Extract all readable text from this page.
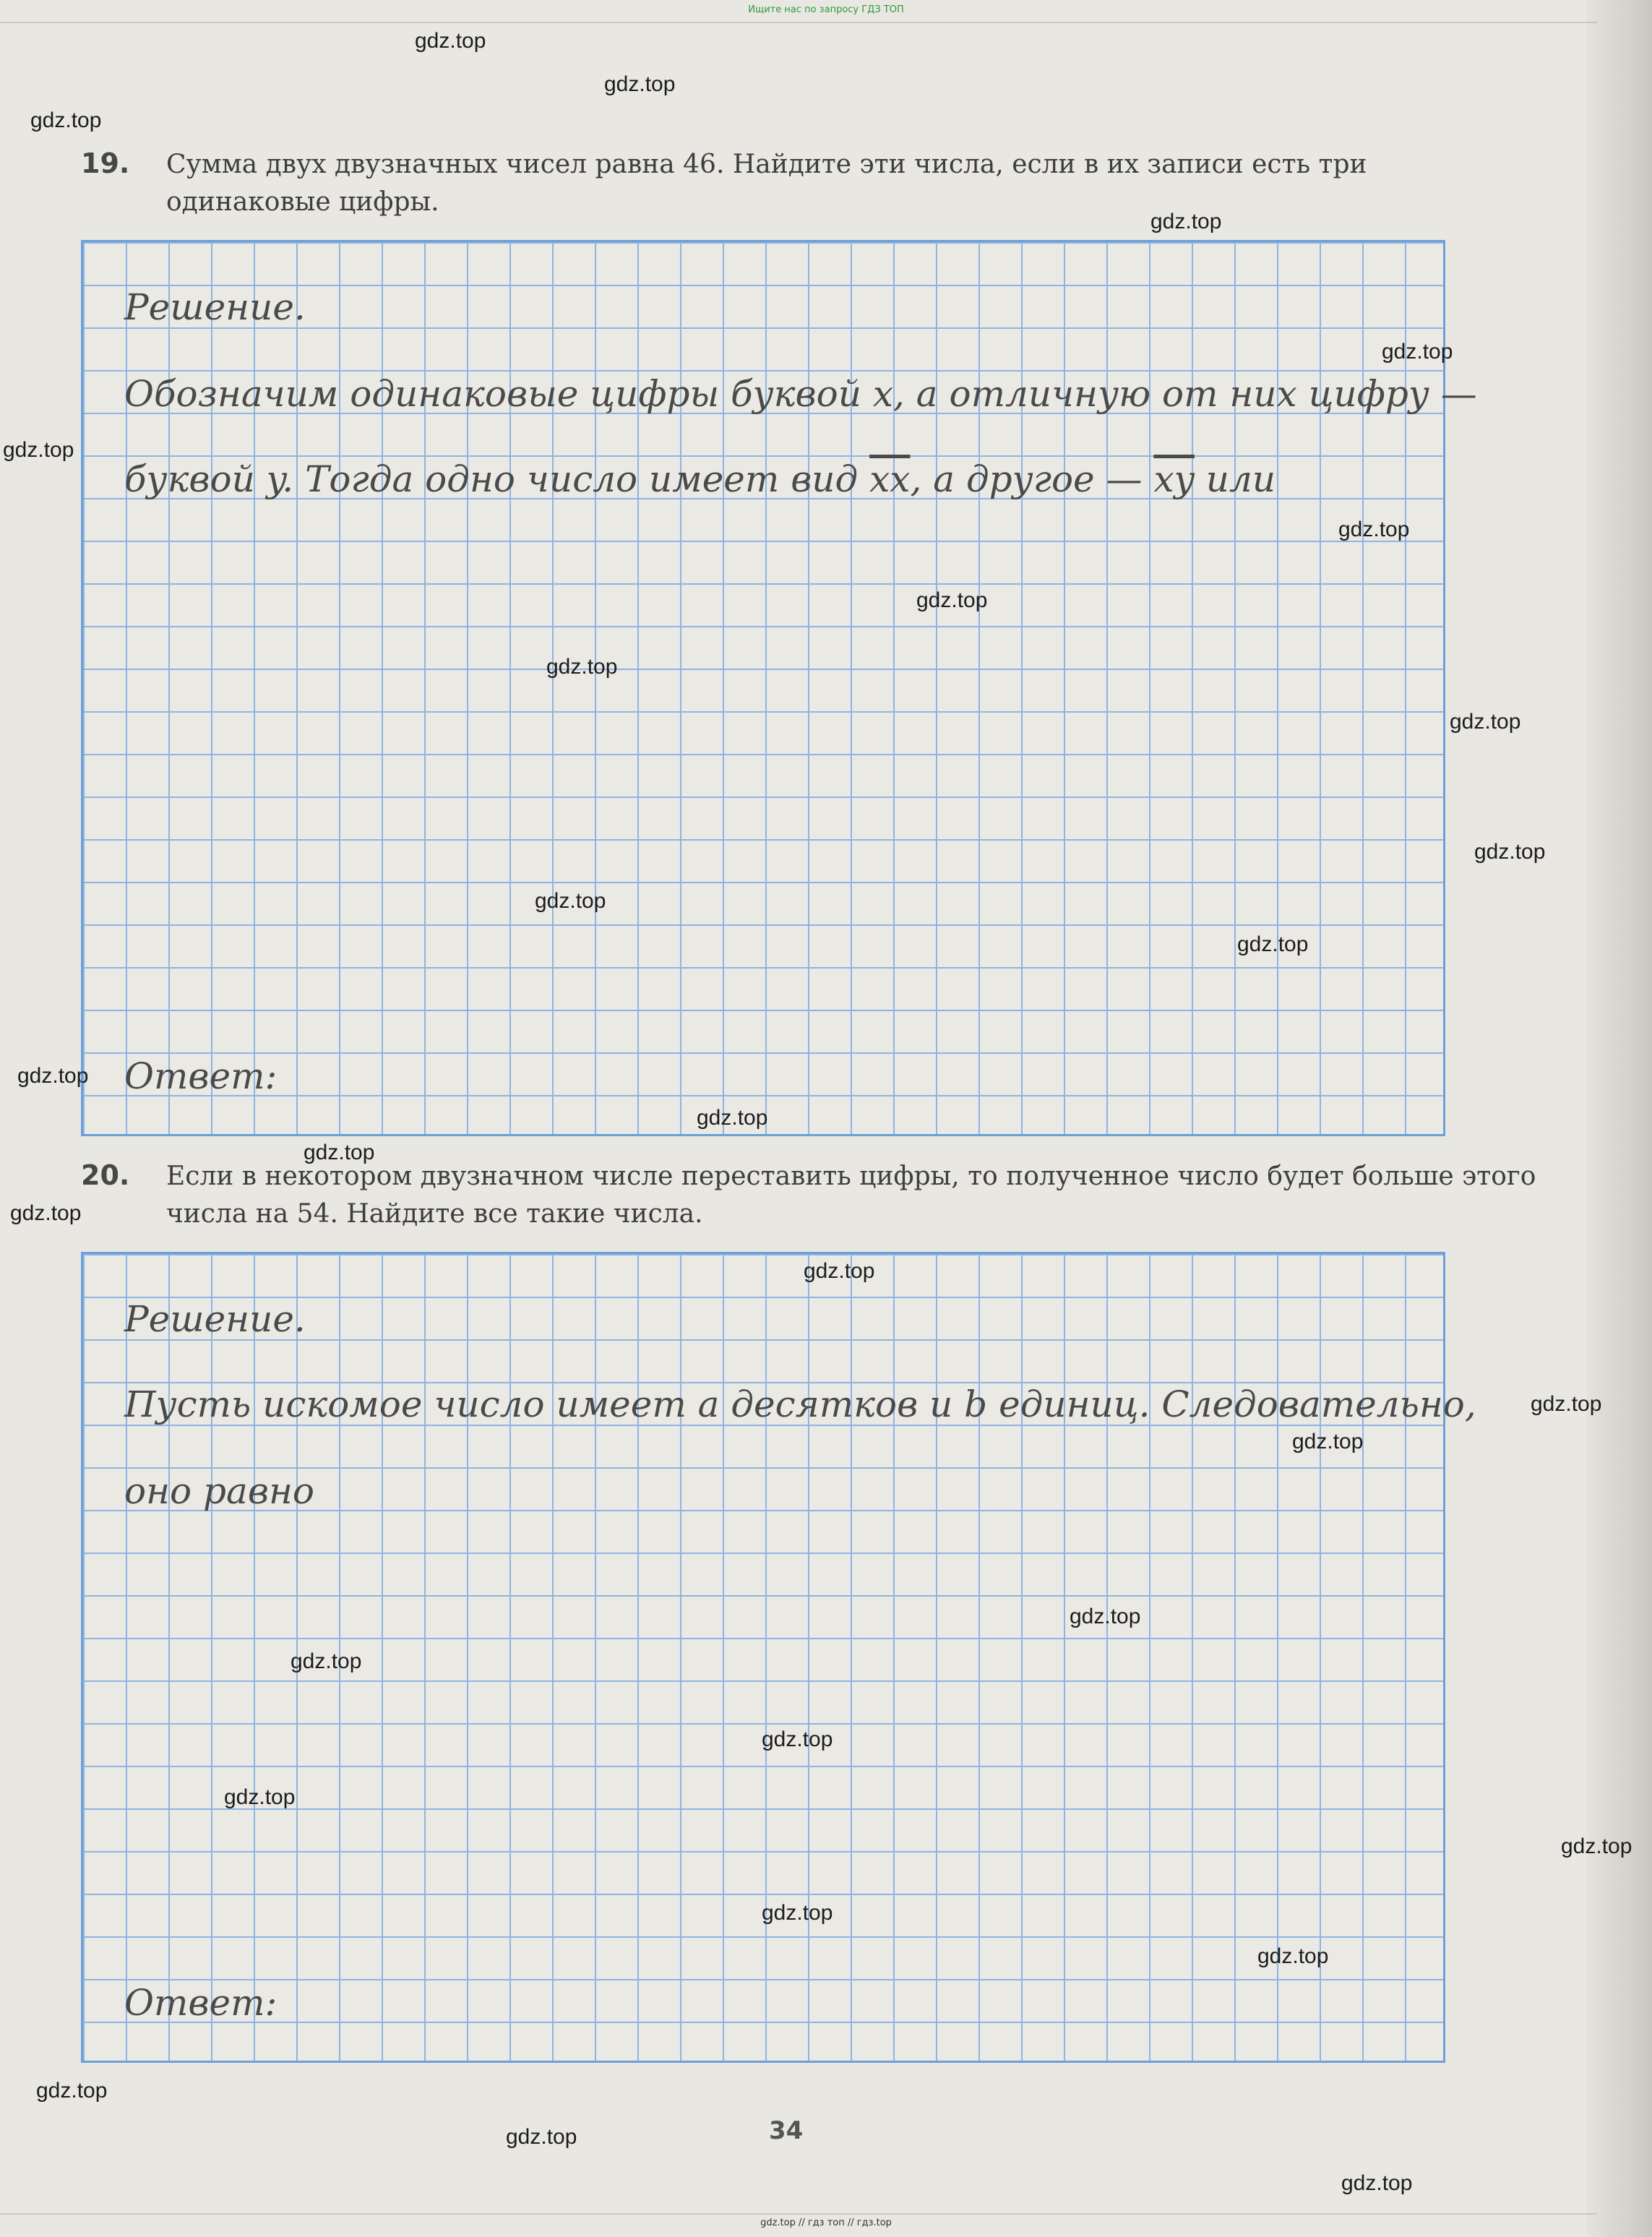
Ищите нас по запросу ГДЗ ТОП
19. Сумма двух двузначных чисел равна 46. Найдите эти числа, если в их записи есть три одинаковые цифры.
Решение.
Обозначим одинаковые цифры буквой x, а отличную от них цифру —
буквой y. Тогда одно число имеет вид $\overline{xx}$, а другое — $\overline{xy}$ или
Ответ:
20. Если в некотором двузначном числе переставить цифры, то полученное число будет больше этого числа на 54. Найдите все такие числа.
Решение.
Пусть искомое число имеет a десятков и b единиц. Следовательно,
оно равно
Ответ:
34
gdz.top
gdz.top
gdz.top
gdz.top
gdz.top
gdz.top
gdz.top
gdz.top
gdz.top
gdz.top
gdz.top
gdz.top
gdz.top
gdz.top
gdz.top
gdz.top
gdz.top
gdz.top
gdz.top
gdz.top
gdz.top
gdz.top
gdz.top
gdz.top
gdz.top
gdz.top
gdz.top
gdz.top
gdz.top
gdz.top
gdz.top // гдз топ // гдз.top
